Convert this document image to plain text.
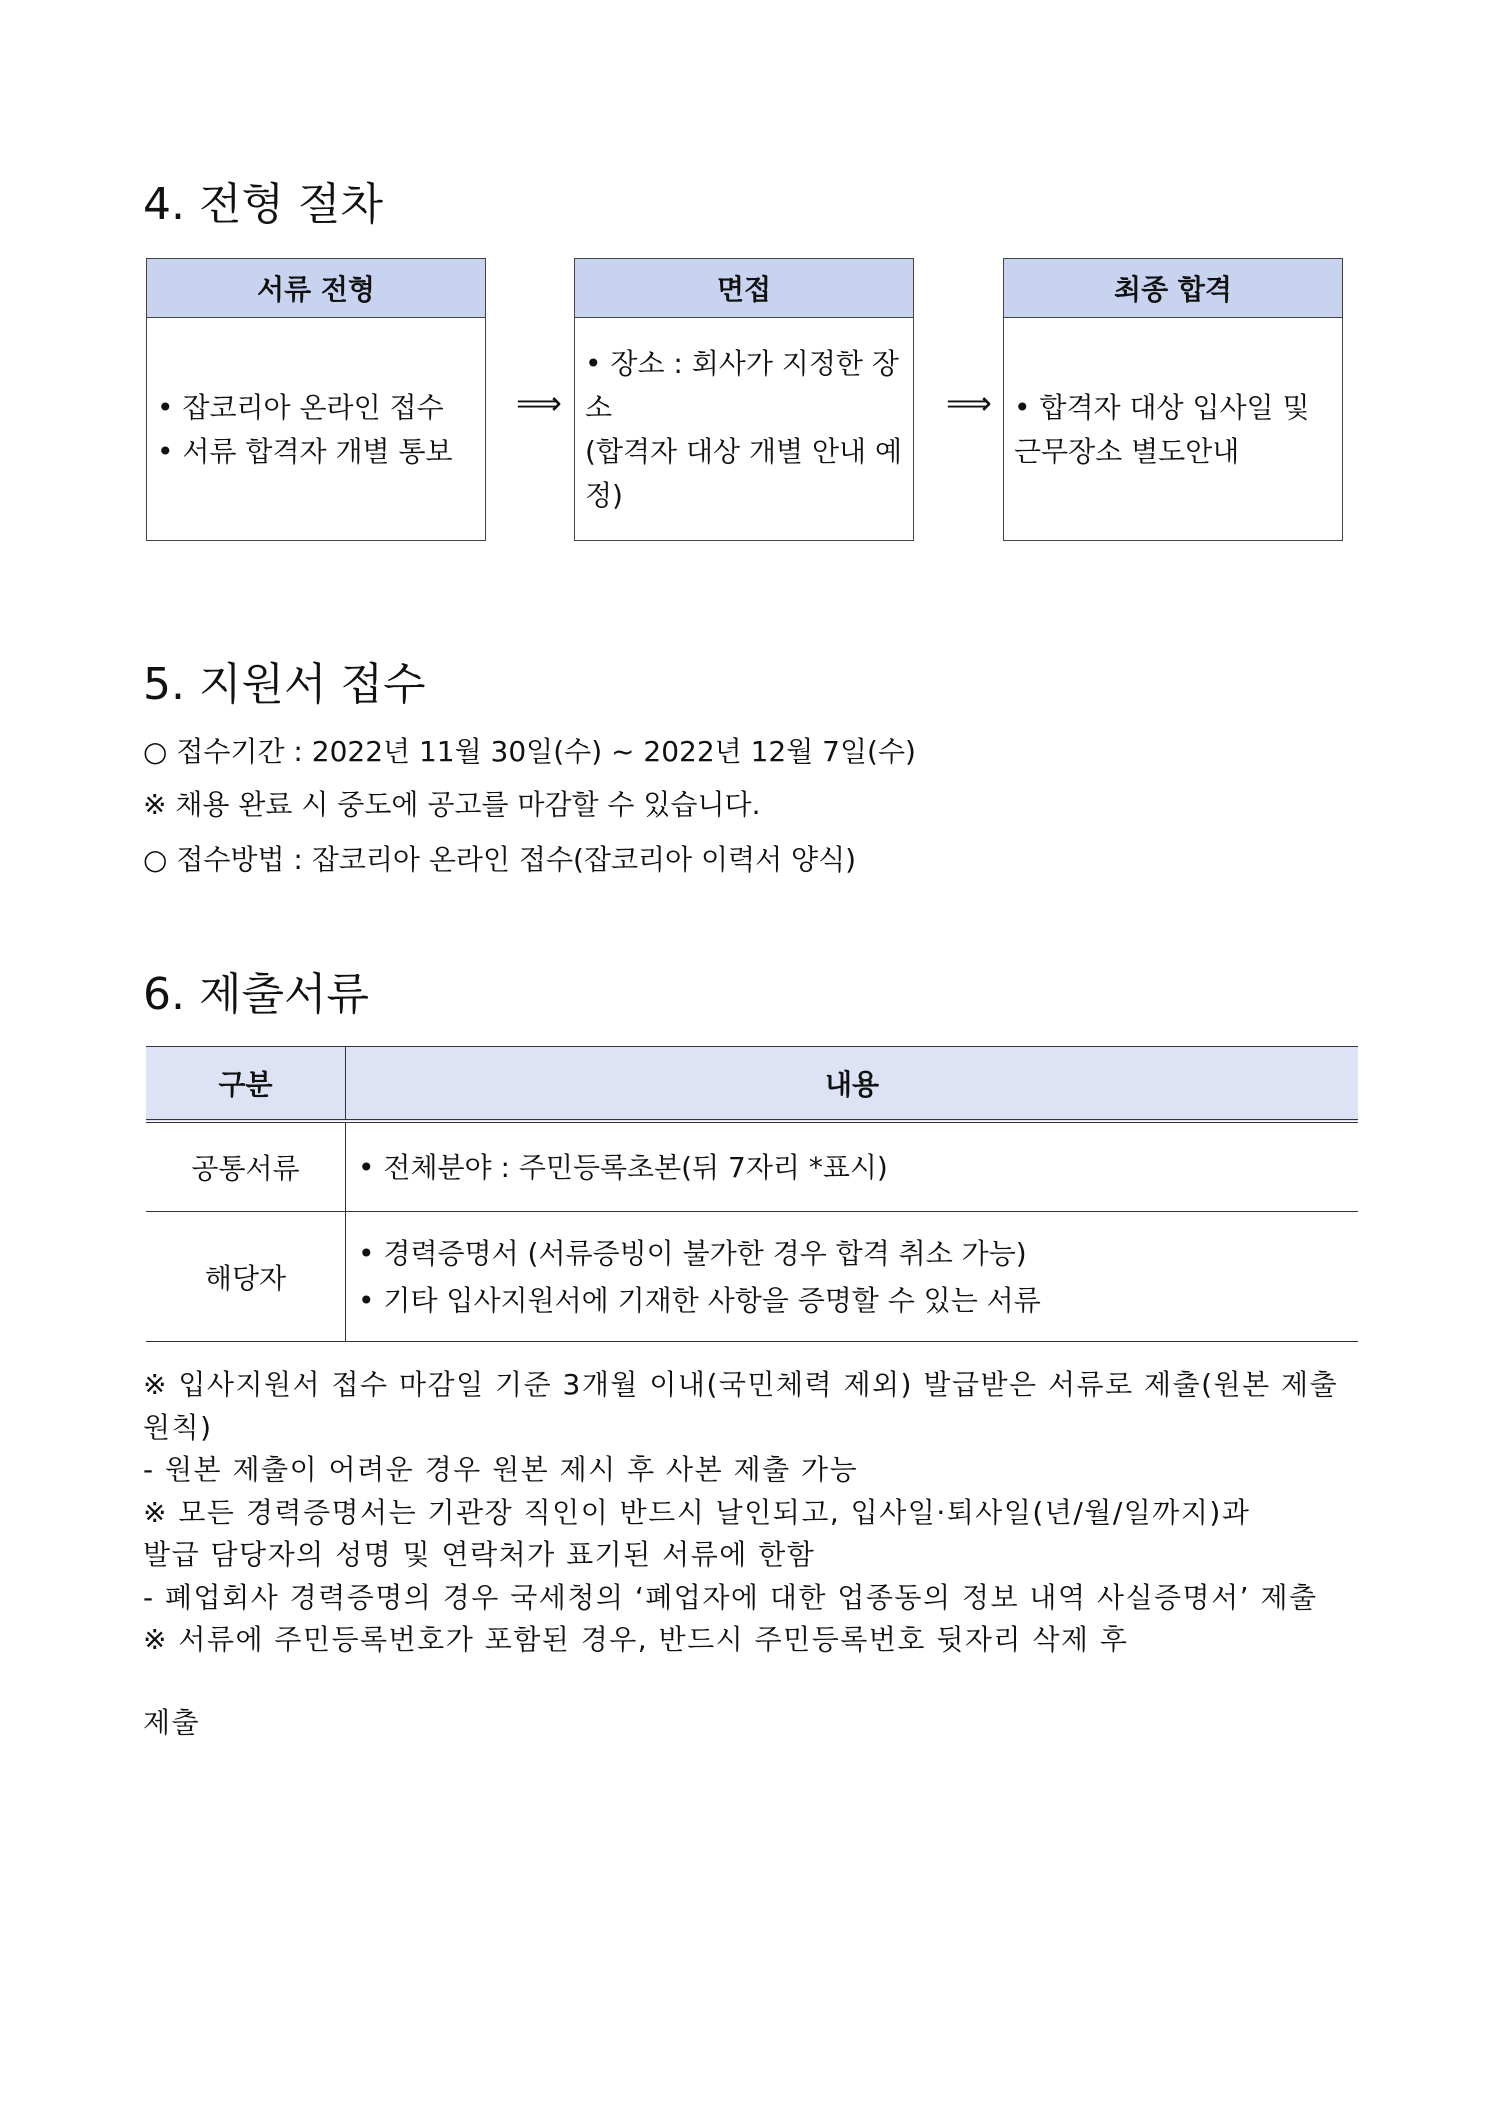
4. 전형 절차
서류 전형
• 잡코리아 온라인 접수
• 서류 합격자 개별 통보
⟹
면접
• 장소 : 회사가 지정한 장소
(합격자 대상 개별 안내 예정)
⟹
최종 합격
• 합격자 대상 입사일 및 근무장소 별도안내
5. 지원서 접수
○ 접수기간 : 2022년 11월 30일(수) ~ 2022년 12월 7일(수)
※ 채용 완료 시 중도에 공고를 마감할 수 있습니다.
○ 접수방법 : 잡코리아 온라인 접수(잡코리아 이력서 양식)
6. 제출서류
구분	내용
공통서류	• 전체분야 : 주민등록초본(뒤 7자리 *표시)

해당자	• 경력증명서 (서류증빙이 불가한 경우 합격 취소 가능)
• 기타 입사지원서에 기재한 사항을 증명할 수 있는 서류

※ 입사지원서 접수 마감일 기준 3개월 이내(국민체력 제외) 발급받은 서류로 제출(원본 제출 원칙)

- 원본 제출이 어려운 경우 원본 제시 후 사본 제출 가능

※ 모든 경력증명서는 기관장 직인이 반드시 날인되고, 입사일·퇴사일(년/월/일까지)과

발급 담당자의 성명 및 연락처가 표기된 서류에 한함

- 폐업회사 경력증명의 경우 국세청의 ‘폐업자에 대한 업종동의 정보 내역 사실증명서’ 제출

※ 서류에 주민등록번호가 포함된 경우, 반드시 주민등록번호 뒷자리 삭제 후

제출
